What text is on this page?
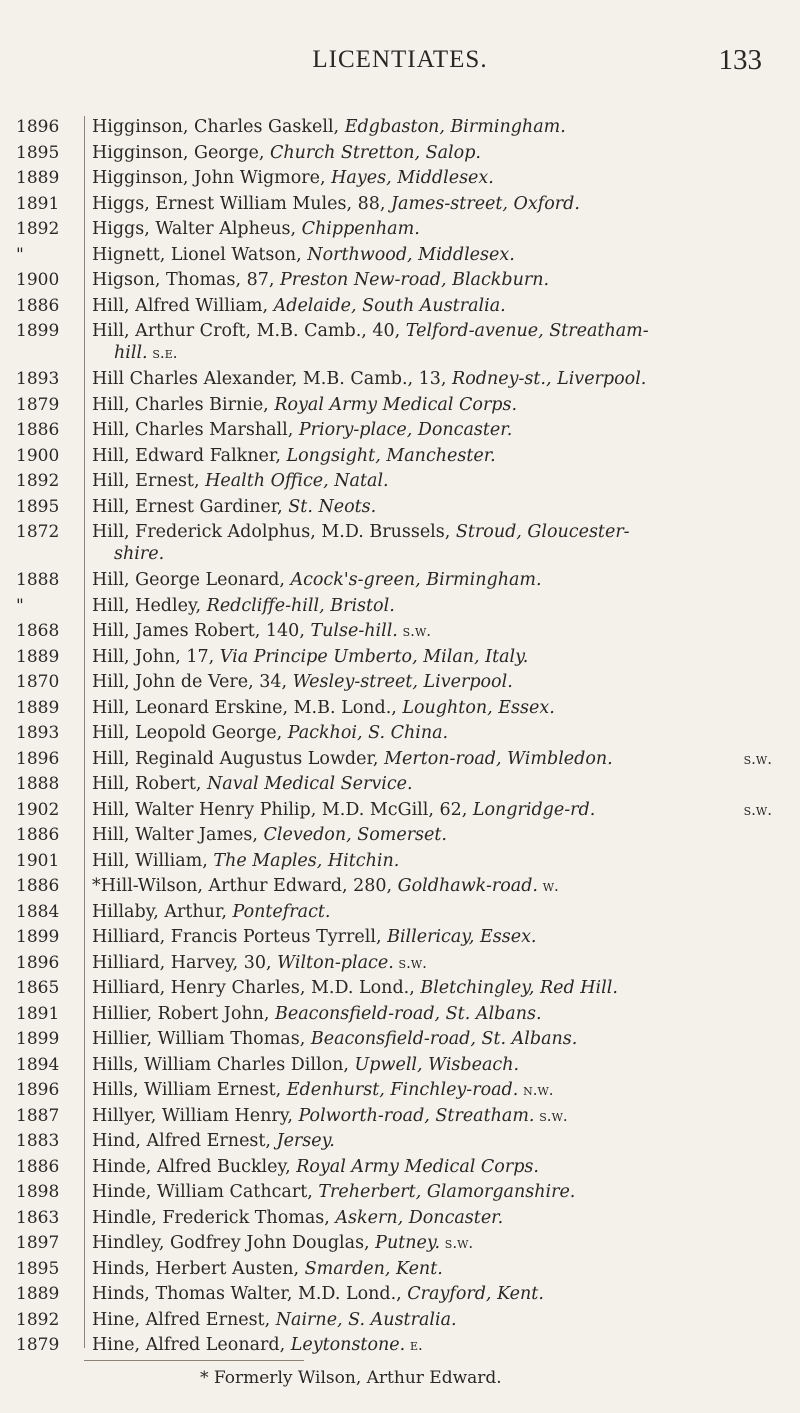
LICENTIATES.	133
1896	Higginson, Charles Gaskell, Edgbaston, Birmingham.
1895	Higginson, George, Church Stretton, Salop.
1889	Higginson, John Wigmore, Hayes, Middlesex.
1891	Higgs, Ernest William Mules, 88, James-street, Oxford.
1892	Higgs, Walter Alpheus, Chippenham.
"	Hignett, Lionel Watson, Northwood, Middlesex.
1900	Higson, Thomas, 87, Preston New-road, Blackburn.
1886	Hill, Alfred William, Adelaide, South Australia.
1899	Hill, Arthur Croft, M.B. Camb., 40, Telford-avenue, Streatham-
hill. s.e.
1893	Hill Charles Alexander, M.B. Camb., 13, Rodney-st., Liverpool.
1879	Hill, Charles Birnie, Royal Army Medical Corps.
1886	Hill, Charles Marshall, Priory-place, Doncaster.
1900	Hill, Edward Falkner, Longsight, Manchester.
1892	Hill, Ernest, Health Office, Natal.
1895	Hill, Ernest Gardiner, St. Neots.
1872	Hill, Frederick Adolphus, M.D. Brussels, Stroud, Gloucester-
shire.
1888	Hill, George Leonard, Acock's-green, Birmingham.
"	Hill, Hedley, Redcliffe-hill, Bristol.
1868	Hill, James Robert, 140, Tulse-hill. s.w.
1889	Hill, John, 17, Via Principe Umberto, Milan, Italy.
1870	Hill, John de Vere, 34, Wesley-street, Liverpool.
1889	Hill, Leonard Erskine, M.B. Lond., Loughton, Essex.
1893	Hill, Leopold George, Packhoi, S. China.
1896	Hill, Reginald Augustus Lowder, Merton-road, Wimbledon.	s.w.
1888	Hill, Robert, Naval Medical Service.
1902	Hill, Walter Henry Philip, M.D. McGill, 62, Longridge-rd.	s.w.
1886	Hill, Walter James, Clevedon, Somerset.
1901	Hill, William, The Maples, Hitchin.
1886	*Hill-Wilson, Arthur Edward, 280, Goldhawk-road. w.
1884	Hillaby, Arthur, Pontefract.
1899	Hilliard, Francis Porteus Tyrrell, Billericay, Essex.
1896	Hilliard, Harvey, 30, Wilton-place. s.w.
1865	Hilliard, Henry Charles, M.D. Lond., Bletchingley, Red Hill.
1891	Hillier, Robert John, Beaconsfield-road, St. Albans.
1899	Hillier, William Thomas, Beaconsfield-road, St. Albans.
1894	Hills, William Charles Dillon, Upwell, Wisbeach.
1896	Hills, William Ernest, Edenhurst, Finchley-road. n.w.
1887	Hillyer, William Henry, Polworth-road, Streatham. s.w.
1883	Hind, Alfred Ernest, Jersey.
1886	Hinde, Alfred Buckley, Royal Army Medical Corps.
1898	Hinde, William Cathcart, Treherbert, Glamorganshire.
1863	Hindle, Frederick Thomas, Askern, Doncaster.
1897	Hindley, Godfrey John Douglas, Putney. s.w.
1895	Hinds, Herbert Austen, Smarden, Kent.
1889	Hinds, Thomas Walter, M.D. Lond., Crayford, Kent.
1892	Hine, Alfred Ernest, Nairne, S. Australia.
1879	Hine, Alfred Leonard, Leytonstone. e.
* Formerly Wilson, Arthur Edward.
